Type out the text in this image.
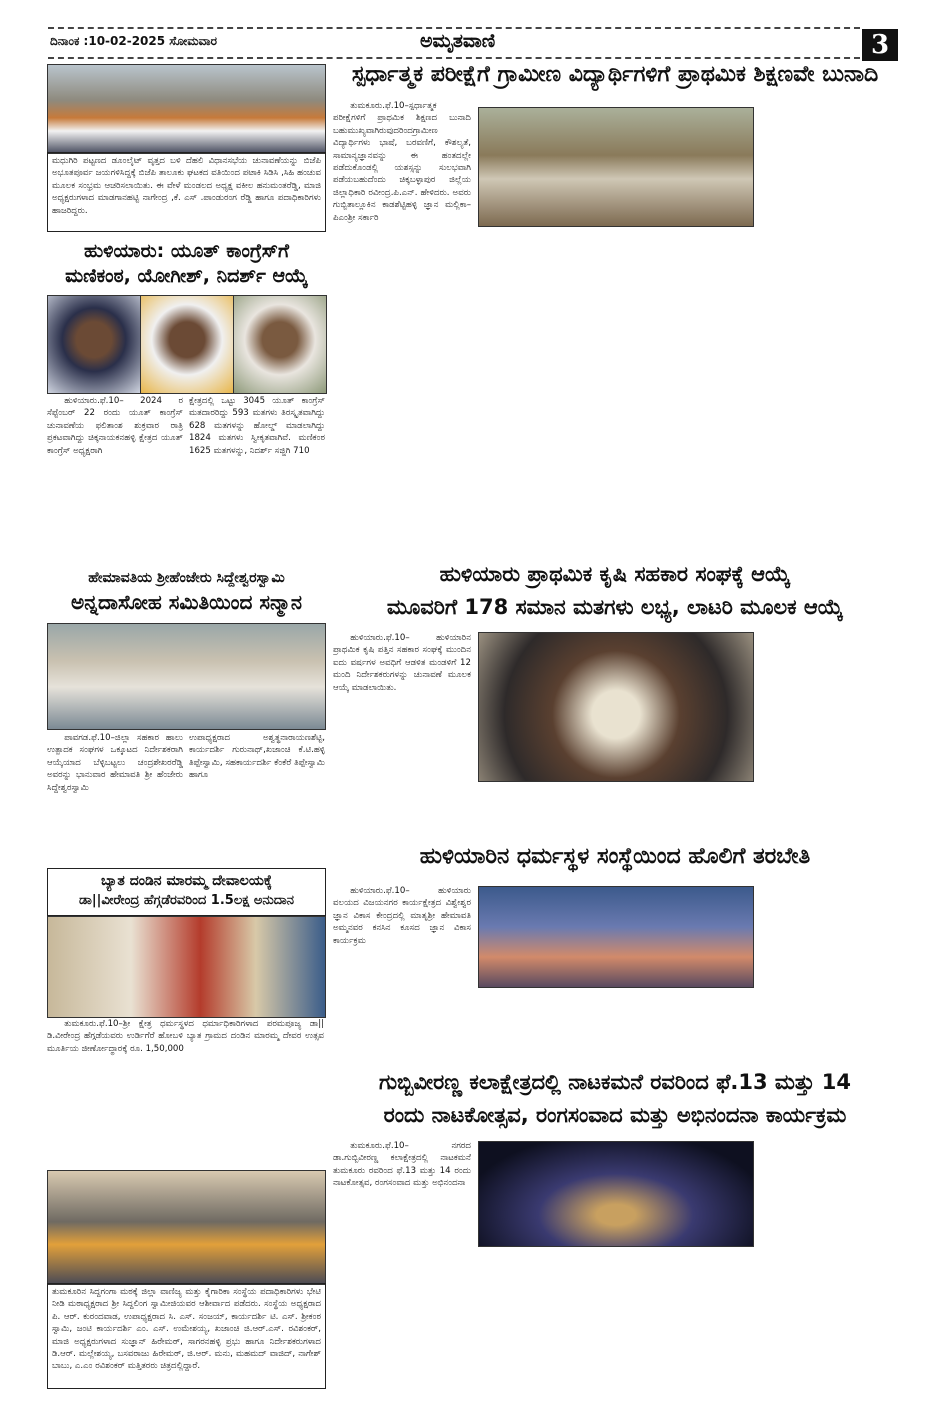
ದಿನಾಂಕ :10-02-2025 ಸೋಮವಾರ	ಅಮೃತವಾಣಿ	3
ಮಧುಗಿರಿ ಪಟ್ಟಣದ ಡೂಂಲೈಟ್ ವೃತ್ತದ ಬಳಿ ದೆಹಲಿ ವಿಧಾನಸಭೆಯ ಚುನಾವಣೆಯನ್ನು ಬಿಜೆಪಿ ಅಭೂತಪೂರ್ವ ಜಯಗಳಿಸಿದ್ದಕ್ಕೆ ಬಿಜೆಪಿ ತಾಲೂಕು ಘಟಕದ ವತಿಯಿಂದ ಪಟಾಕಿ ಸಿಡಿಸಿ ,ಸಿಹಿ ಹಂಚುವ ಮೂಲಕ ಸಂಭ್ರಮ ಆಚರಿಸಲಾಯಿತು. ಈ ವೇಳೆ ಮಂಡಲದ ಅಧ್ಯಕ್ಷ ವಕೀಲ ಹನುಮಂತರೆಡ್ಡಿ, ಮಾಜಿ ಅಧ್ಯಕ್ಷರುಗಳಾದ ಮಾಡಗಾನಹಟ್ಟಿ ನಾಗೇಂದ್ರ ,ಕೆ. ಎಸ್ .ಪಾಂಡುರಂಗ ರೆಡ್ಡಿ ಹಾಗೂ ಪದಾಧಿಕಾರಿಗಳು ಹಾಜರಿದ್ದರು.
ಹುಳಿಯಾರು: ಯೂತ್ ಕಾಂಗ್ರೆಸ್‌ಗೆ
ಮಣಿಕಂಠ, ಯೋಗೀಶ್, ನಿದರ್ಶ್ ಆಯ್ಕೆ

ಹುಳಿಯಾರು.ಫೆ.10– 2024 ರ ಸೆಪ್ಟೆಂಬರ್ 22 ರಂದು ಯೂತ್ ಕಾಂಗ್ರೆಸ್ ಚುನಾವಣೆಯ ಫಲಿತಾಂಶ ಶುಕ್ರವಾರ ರಾತ್ರಿ ಪ್ರಕಟವಾಗಿದ್ದು ಚಿಕ್ಕನಾಯಕನಹಳ್ಳಿ ಕ್ಷೇತ್ರದ ಯೂತ್ ಕಾಂಗ್ರೆಸ್ ಅಧ್ಯಕ್ಷರಾಗಿ

ಕ್ಷೇತ್ರದಲ್ಲಿ ಒಟ್ಟು 3045 ಯೂತ್ ಕಾಂಗ್ರೆಸ್ ಮತದಾರರಿದ್ದು 593 ಮತಗಳು ತಿರಸ್ಕೃತವಾಗಿದ್ದು 628 ಮತಗಳನ್ನು ಹೋಲ್ಡ್ ಮಾಡಲಾಗಿದ್ದು 1824 ಮತಗಳು ಸ್ವೀಕೃತವಾಗಿವೆ. ಮಣಿಕಂಠ 1625 ಮತಗಳನ್ನು, ನಿದರ್ಶ್ ಸಜ್ಜಿಗಿ 710

ಹೇಮಾವತಿಯ ಶ್ರೀಹೆಂಜೇರು ಸಿದ್ದೇಶ್ವರಸ್ವಾಮಿ
ಅನ್ನದಾಸೋಹ ಸಮಿತಿಯಿಂದ ಸನ್ಮಾನ

ಪಾವಗಡ.ಫೆ.10–ಜಿಲ್ಲಾ ಸಹಕಾರ ಹಾಲು ಉತ್ಪಾದಕ ಸಂಘಗಳ ಒಕ್ಕೂಟದ ನಿರ್ದೇಶಕರಾಗಿ ಆಯ್ಕೆಯಾದ ಬೆಳ್ಳಿಬಟ್ಟಲು ಚಂದ್ರಶೇಖರರೆಡ್ಡಿ ಅವರನ್ನು ಭಾನುವಾರ ಹೇಮಾವತಿ ಶ್ರೀ ಹೆಂಜೇರು ಸಿದ್ದೇಶ್ವರಸ್ವಾಮಿ

ಉಪಾಧ್ಯಕ್ಷರಾದ ಅಶ್ವತ್ಥನಾರಾಯಣಶೆಟ್ಟಿ, ಕಾರ್ಯದರ್ಶಿ ಗುರುನಾಥ್,ಖಜಾಂಚಿ ಕೆ.ಟಿ.ಹಳ್ಳಿ ತಿಪ್ಪೇಸ್ವಾಮಿ, ಸಹಕಾರ್ಯದರ್ಶಿ ಕೆಂಕೆರೆ ತಿಪ್ಪೇಸ್ವಾಮಿ ಹಾಗೂ

ಬ್ಯಾತ ದಂಡಿನ ಮಾರಮ್ಮ ದೇವಾಲಯಕ್ಕೆ
ಡಾ||ವೀರೇಂದ್ರ ಹೆಗ್ಗಡೆರವರಿಂದ 1.5ಲಕ್ಷ ಅನುದಾನ

ತುಮಕೂರು.ಫೆ.10–ಶ್ರೀ ಕ್ಷೇತ್ರ ಧರ್ಮಸ್ಥಳದ ಧರ್ಮಾಧಿಕಾರಿಗಳಾದ ಪರಮಪೂಜ್ಯ ಡಾ||ಡಿ.ವೀರೇಂದ್ರ ಹೆಗ್ಗಡೆಯವರು ಉರ್ಡಿಗೆರೆ ಹೋಬಳಿ ಬ್ಯಾತ ಗ್ರಾಮದ ದಂಡಿನ ಮಾರಮ್ಮ ದೇವರ ಉತ್ಸವ ಮೂರ್ತಿಯ ಜೀರ್ಣೋದ್ಧಾರಕ್ಕೆ ರೂ. 1,50,000

ತುಮಕೂರಿನ ಸಿದ್ದಗಂಗಾ ಮಠಕ್ಕೆ ಜಿಲ್ಲಾ ವಾಣಿಜ್ಯ ಮತ್ತು ಕೈಗಾರಿಕಾ ಸಂಸ್ಥೆಯ ಪದಾಧಿಕಾರಿಗಳು ಭೇಟಿ ನೀಡಿ ಮಠಾಧ್ಯಕ್ಷರಾದ ಶ್ರೀ ಸಿದ್ದಲಿಂಗ ಸ್ವಾಮೀಜಿಯವರ ಆಶೀರ್ವಾದ ಪಡೆದರು. ಸಂಸ್ಥೆಯ ಅಧ್ಯಕ್ಷರಾದ ಪಿ. ಆರ್. ಕುರಂದವಾಡ, ಉಪಾಧ್ಯಕ್ಷರಾದ ಸಿ. ಎಸ್. ಸಂಜಯ್, ಕಾರ್ಯದರ್ಶಿ ಟಿ. ಎಸ್. ಶ್ರೀಕಂಠ ಸ್ವಾಮಿ, ಜಂಟಿ ಕಾರ್ಯದರ್ಶಿ ಎಂ. ಎಸ್. ಉಮೇಶಯ್ಯ, ಖಜಾಂಚಿ ಜಿ.ಆರ್.ಎಸ್. ರವಿಶಂಕರ್, ಮಾಜಿ ಅಧ್ಯಕ್ಷರುಗಳಾದ ಸುಜ್ಞಾನ್ ಹಿರೇಮಠ್, ಸಾಗರನಹಳ್ಳಿ ಪ್ರಭು ಹಾಗೂ ನಿರ್ದೇಶಕರುಗಳಾದ ಡಿ.ಆರ್. ಮಲ್ಲೇಶಯ್ಯ, ಬಸವರಾಜು ಹಿರೇಮಠ್, ಜಿ.ಆರ್. ಮನು, ಮಹಮದ್ ವಾಜಿದ್, ನಾಗೇಶ್ ಬಾಬು, ಎ.ಎಂ ರವಿಶಂಕರ್ ಮತ್ತಿತರರು ಚಿತ್ರದಲ್ಲಿದ್ದಾರೆ.
ಸ್ಪರ್ಧಾತ್ಮಕ ಪರೀಕ್ಷೆಗೆ ಗ್ರಾಮೀಣ ವಿದ್ಯಾರ್ಥಿಗಳಿಗೆ ಪ್ರಾಥಮಿಕ ಶಿಕ್ಷಣವೇ ಬುನಾದಿ

ತುಮಕೂರು.ಫೆ.10–ಸ್ಪರ್ಧಾತ್ಮಕ ಪರೀಕ್ಷೆಗಳಿಗೆ ಪ್ರಾಥಮಿಕ ಶಿಕ್ಷಣದ ಬುನಾದಿ ಬಹುಮುಖ್ಯವಾಗಿರುವುದರಿಂದಗ್ರಾಮೀಣ ವಿದ್ಯಾರ್ಥಿಗಳು ಭಾಷೆ, ಬರವಣಿಗೆ, ಕೌಶಲ್ಯತೆ, ಸಾಮಾನ್ಯಜ್ಞಾನವನ್ನು ಈ ಹಂತದಲ್ಲೇ ಪಡೆದುಕೊಂಡಲ್ಲಿ ಯಶಸ್ಸನ್ನು ಸುಲಭವಾಗಿ ಪಡೆಯಬಹುದೆಂದು ಚಿಕ್ಕಬಳ್ಳಾಪುರ ಜಿಲ್ಲೆಯ ಜಿಲ್ಲಾಧಿಕಾರಿ ರವೀಂದ್ರ.ಪಿ.ಎನ್. ಹೇಳಿದರು. ಅವರು ಗುಬ್ಬಿತಾಲ್ಲೂಕಿನ ಕಾಡಶೆಟ್ಟಿಹಳ್ಳಿ ಜ್ಞಾನ ಮಲ್ಲಿಕಾ–ಪಿಎಂಶ್ರೀ ಸರ್ಕಾರಿ

ಹುಳಿಯಾರು ಪ್ರಾಥಮಿಕ ಕೃಷಿ ಸಹಕಾರ ಸಂಘಕ್ಕೆ ಆಯ್ಕೆ
ಮೂವರಿಗೆ 178 ಸಮಾನ ಮತಗಳು ಲಭ್ಯ, ಲಾಟರಿ ಮೂಲಕ ಆಯ್ಕೆ

ಹುಳಿಯಾರು.ಫೆ.10– ಹುಳಿಯಾರಿನ ಪ್ರಾಥಮಿಕ ಕೃಷಿ ಪತ್ತಿನ ಸಹಕಾರ ಸಂಘಕ್ಕೆ ಮುಂದಿನ ಐದು ವರ್ಷಗಳ ಅವಧಿಗೆ ಆಡಳಿತ ಮಂಡಳಿಗೆ 12 ಮಂದಿ ನಿರ್ದೇಶಕರುಗಳನ್ನು ಚುನಾವಣೆ ಮೂಲಕ ಆಯ್ಕೆ ಮಾಡಲಾಯಿತು.

ಹುಳಿಯಾರಿನ ಧರ್ಮಸ್ಥಳ ಸಂಸ್ಥೆಯಿಂದ ಹೊಲಿಗೆ ತರಬೇತಿ

ಹುಳಿಯಾರು.ಫೆ.10– ಹುಳಿಯಾರು ವಲಯದ ವಿಜಯನಗರ ಕಾರ್ಯಕ್ಷೇತ್ರದ ವಿಶ್ವೇಶ್ವರ ಜ್ಞಾನ ವಿಕಾಸ ಕೇಂದ್ರದಲ್ಲಿ ಮಾತೃಶ್ರೀ ಹೇಮಾವತಿ ಅಮ್ಮನವರ ಕನಸಿನ ಕೂಸದ ಜ್ಞಾನ ವಿಕಾಸ ಕಾರ್ಯಕ್ರಮ

ಗುಬ್ಬಿವೀರಣ್ಣ ಕಲಾಕ್ಷೇತ್ರದಲ್ಲಿ ನಾಟಕಮನೆ ರವರಿಂದ ಫೆ.13 ಮತ್ತು 14
ರಂದು ನಾಟಕೋತ್ಸವ, ರಂಗಸಂವಾದ ಮತ್ತು ಅಭಿನಂದನಾ ಕಾರ್ಯಕ್ರಮ

ತುಮಕೂರು.ಫೆ.10– ನಗರದ ಡಾ.ಗುಬ್ಬಿವೀರಣ್ಣ ಕಲಾಕ್ಷೇತ್ರದಲ್ಲಿ ನಾಟಕಮನೆ ತುಮಕೂರು ರವರಿಂದ ಫೆ.13 ಮತ್ತು 14 ರಂದು ನಾಟಕೋತ್ಸವ, ರಂಗಸಂವಾದ ಮತ್ತು ಅಭಿನಂದನಾ
